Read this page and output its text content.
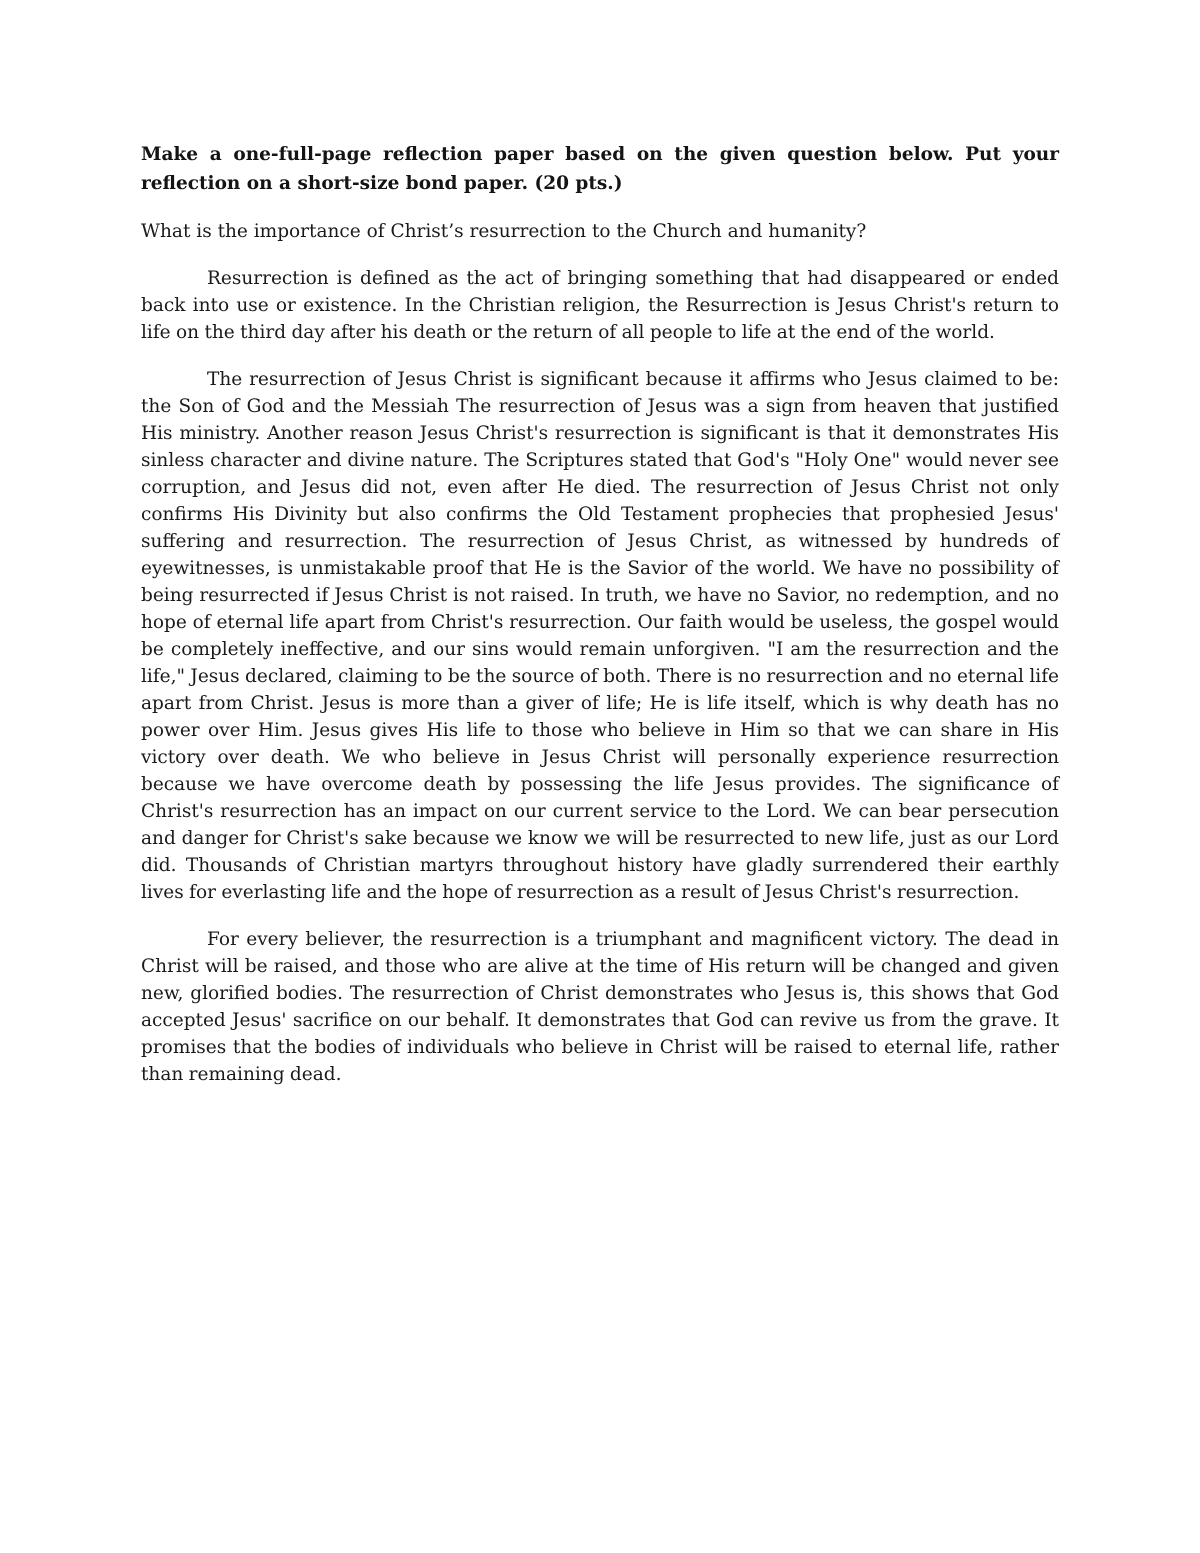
Make a one-full-page reflection paper based on the given question below. Put your reflection on a short-size bond paper. (20 pts.)

What is the importance of Christ’s resurrection to the Church and humanity?

Resurrection is defined as the act of bringing something that had disappeared or ended back into use or existence. In the Christian religion, the Resurrection is Jesus Christ's return to life on the third day after his death or the return of all people to life at the end of the world.

The resurrection of Jesus Christ is significant because it affirms who Jesus claimed to be: the Son of God and the Messiah The resurrection of Jesus was a sign from heaven that justified His ministry. Another reason Jesus Christ's resurrection is significant is that it demonstrates His sinless character and divine nature. The Scriptures stated that God's "Holy One" would never see corruption, and Jesus did not, even after He died. The resurrection of Jesus Christ not only confirms His Divinity but also confirms the Old Testament prophecies that prophesied Jesus' suffering and resurrection. The resurrection of Jesus Christ, as witnessed by hundreds of eyewitnesses, is unmistakable proof that He is the Savior of the world. We have no possibility of being resurrected if Jesus Christ is not raised. In truth, we have no Savior, no redemption, and no hope of eternal life apart from Christ's resurrection. Our faith would be useless, the gospel would be completely ineffective, and our sins would remain unforgiven. "I am the resurrection and the life," Jesus declared, claiming to be the source of both. There is no resurrection and no eternal life apart from Christ. Jesus is more than a giver of life; He is life itself, which is why death has no power over Him. Jesus gives His life to those who believe in Him so that we can share in His victory over death. We who believe in Jesus Christ will personally experience resurrection because we have overcome death by possessing the life Jesus provides. The significance of Christ's resurrection has an impact on our current service to the Lord. We can bear persecution and danger for Christ's sake because we know we will be resurrected to new life, just as our Lord did. Thousands of Christian martyrs throughout history have gladly surrendered their earthly lives for everlasting life and the hope of resurrection as a result of Jesus Christ's resurrection.

For every believer, the resurrection is a triumphant and magnificent victory. The dead in Christ will be raised, and those who are alive at the time of His return will be changed and given new, glorified bodies. The resurrection of Christ demonstrates who Jesus is, this shows that God accepted Jesus' sacrifice on our behalf. It demonstrates that God can revive us from the grave. It promises that the bodies of individuals who believe in Christ will be raised to eternal life, rather than remaining dead.
